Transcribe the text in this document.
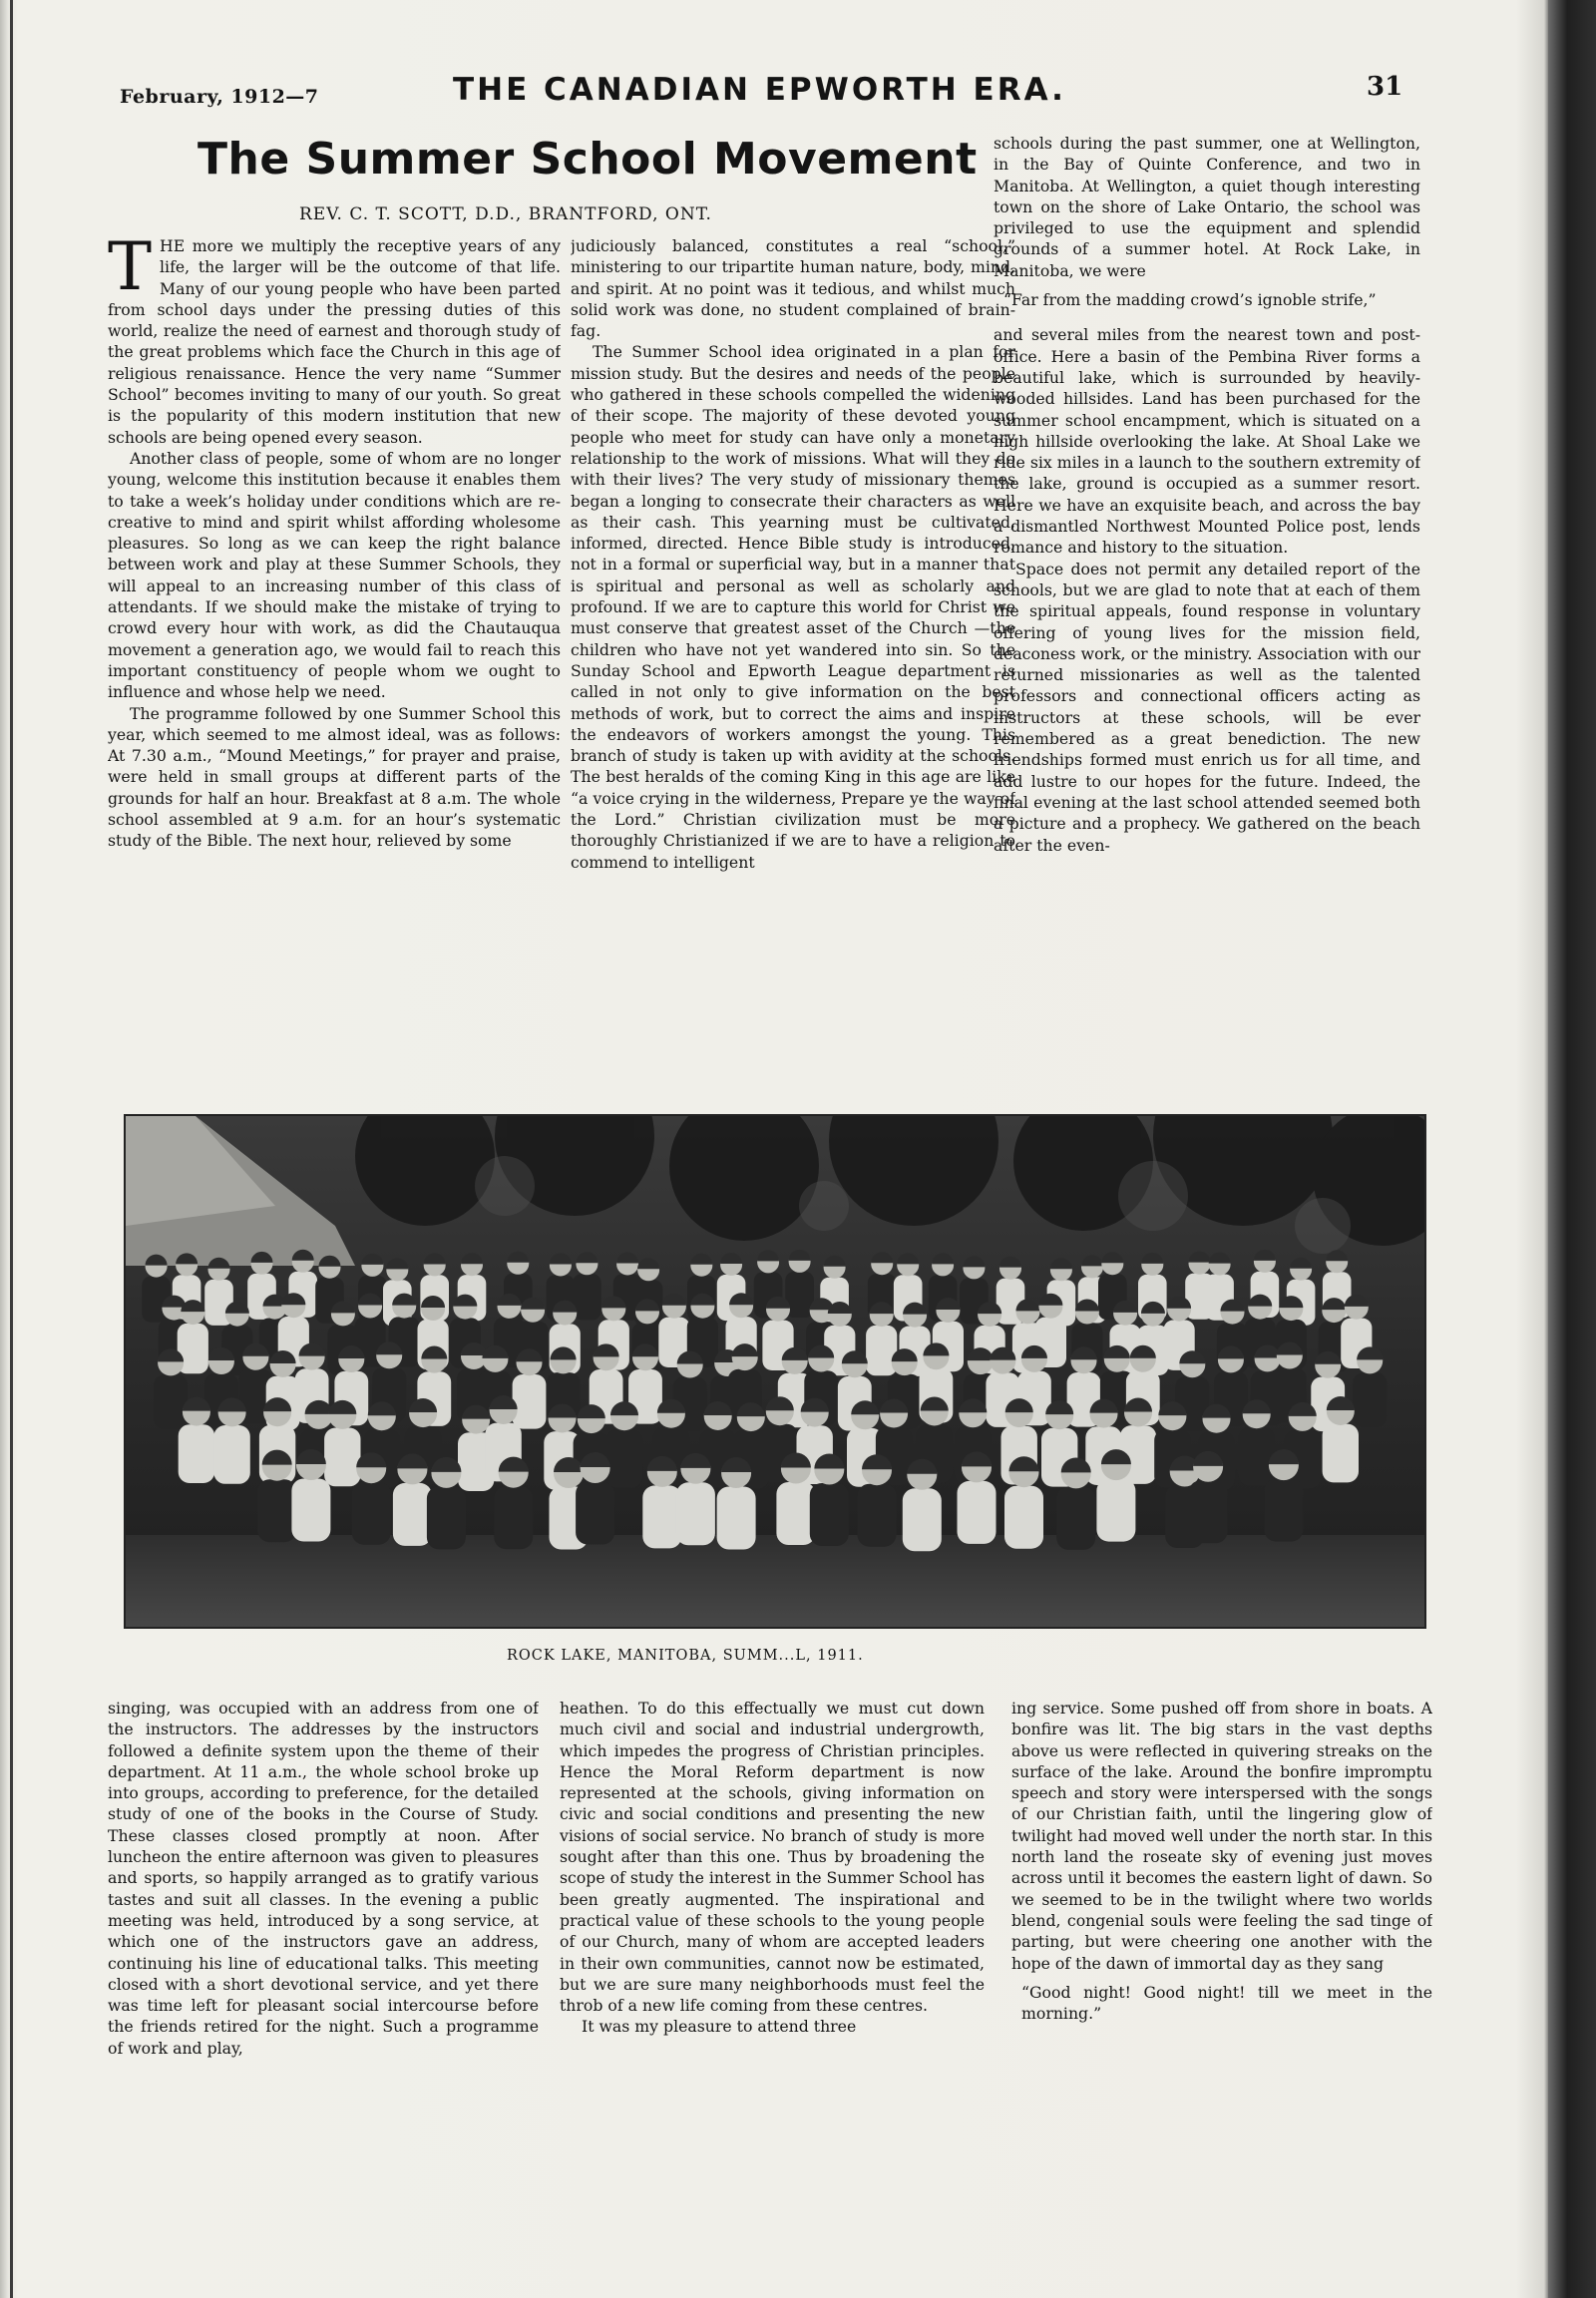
February, 1912—7	THE CANADIAN EPWORTH ERA.	31
The Summer School Movement
REV. C. T. SCOTT, D.D., BRANTFORD, ONT.

THE more we multiply the receptive years of any life, the larger will be the outcome of that life. Many of our young people who have been parted from school days under the pressing duties of this world, realize the need of earnest and thorough study of the great problems which face the Church in this age of religious renaissance. Hence the very name “Summer School” becomes inviting to many of our youth. So great is the popularity of this modern institution that new schools are being opened every season.

Another class of people, some of whom are no longer young, welcome this institution because it enables them to take a week’s holiday under conditions which are re-creative to mind and spirit whilst affording wholesome pleasures. So long as we can keep the right balance between work and play at these Summer Schools, they will appeal to an increasing number of this class of attendants. If we should make the mistake of trying to crowd every hour with work, as did the Chautauqua movement a generation ago, we would fail to reach this important constituency of people whom we ought to influence and whose help we need.

The programme followed by one Summer School this year, which seemed to me almost ideal, was as follows: At 7.30 a.m., “Mound Meetings,” for prayer and praise, were held in small groups at different parts of the grounds for half an hour. Breakfast at 8 a.m. The whole school assembled at 9 a.m. for an hour’s systematic study of the Bible. The next hour, relieved by some

judiciously balanced, constitutes a real “school,” ministering to our tripartite human nature, body, mind, and spirit. At no point was it tedious, and whilst much solid work was done, no student complained of brain-fag.

The Summer School idea originated in a plan for mission study. But the desires and needs of the people who gathered in these schools compelled the widening of their scope. The majority of these devoted young people who meet for study can have only a monetary relationship to the work of missions. What will they do with their lives? The very study of missionary themes began a longing to consecrate their characters as well as their cash. This yearning must be cultivated, informed, directed. Hence Bible study is introduced, not in a formal or superficial way, but in a manner that is spiritual and personal as well as scholarly and profound. If we are to capture this world for Christ we must conserve that greatest asset of the Church —the children who have not yet wandered into sin. So the Sunday School and Epworth League department is called in not only to give information on the best methods of work, but to correct the aims and inspire the endeavors of workers amongst the young. This branch of study is taken up with avidity at the schools. The best heralds of the coming King in this age are like “a voice crying in the wilderness, Prepare ye the way of the Lord.” Christian civilization must be more thoroughly Christianized if we are to have a religion to commend to intelligent

schools during the past summer, one at Wellington, in the Bay of Quinte Conference, and two in Manitoba. At Wellington, a quiet though interesting town on the shore of Lake Ontario, the school was privileged to use the equipment and splendid grounds of a summer hotel. At Rock Lake, in Manitoba, we were

“Far from the madding crowd’s ignoble strife,”

and several miles from the nearest town and post-office. Here a basin of the Pembina River forms a beautiful lake, which is surrounded by heavily-wooded hillsides. Land has been purchased for the summer school encampment, which is situated on a high hillside overlooking the lake. At Shoal Lake we ride six miles in a launch to the southern extremity of the lake, ground is occupied as a summer resort. Here we have an exquisite beach, and across the bay a dismantled Northwest Mounted Police post, lends romance and history to the situation.

Space does not permit any detailed report of the schools, but we are glad to note that at each of them the spiritual appeals, found response in voluntary offering of young lives for the mission field, deaconess work, or the ministry. Association with our returned missionaries as well as the talented professors and connectional officers acting as instructors at these schools, will be ever remembered as a great benediction. The new friendships formed must enrich us for all time, and add lustre to our hopes for the future. Indeed, the final evening at the last school attended seemed both a picture and a prophecy. We gathered on the beach after the even-

ROCK LAKE, MANITOBA, SUMM...L, 1911.

singing, was occupied with an address from one of the instructors. The addresses by the instructors followed a definite system upon the theme of their department. At 11 a.m., the whole school broke up into groups, according to preference, for the detailed study of one of the books in the Course of Study. These classes closed promptly at noon. After luncheon the entire afternoon was given to pleasures and sports, so happily arranged as to gratify various tastes and suit all classes. In the evening a public meeting was held, introduced by a song service, at which one of the instructors gave an address, continuing his line of educational talks. This meeting closed with a short devotional service, and yet there was time left for pleasant social intercourse before the friends retired for the night. Such a programme of work and play,

heathen. To do this effectually we must cut down much civil and social and industrial undergrowth, which impedes the progress of Christian principles. Hence the Moral Reform department is now represented at the schools, giving information on civic and social conditions and presenting the new visions of social service. No branch of study is more sought after than this one. Thus by broadening the scope of study the interest in the Summer School has been greatly augmented. The inspirational and practical value of these schools to the young people of our Church, many of whom are accepted leaders in their own communities, cannot now be estimated, but we are sure many neighborhoods must feel the throb of a new life coming from these centres.

It was my pleasure to attend three

ing service. Some pushed off from shore in boats. A bonfire was lit. The big stars in the vast depths above us were reflected in quivering streaks on the surface of the lake. Around the bonfire impromptu speech and story were interspersed with the songs of our Christian faith, until the lingering glow of twilight had moved well under the north star. In this north land the roseate sky of evening just moves across until it becomes the eastern light of dawn. So we seemed to be in the twilight where two worlds blend, congenial souls were feeling the sad tinge of parting, but were cheering one another with the hope of the dawn of immortal day as they sang

“Good night! Good night! till we meet in the morning.”
